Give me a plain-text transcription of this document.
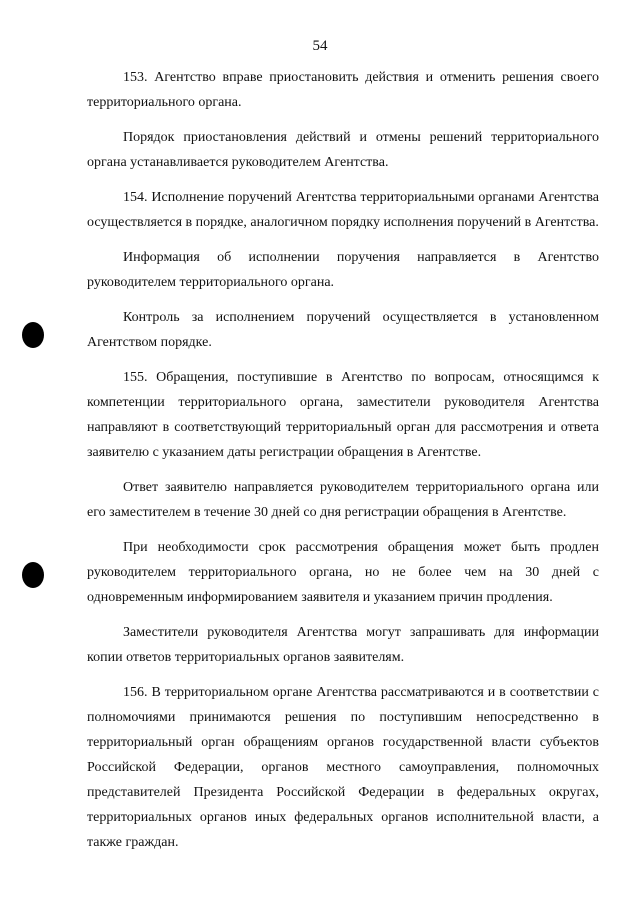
54

153. Агентство вправе приостановить действия и отменить решения своего территориального органа.

Порядок приостановления действий и отмены решений территориального органа устанавливается руководителем Агентства.

154. Исполнение поручений Агентства территориальными органами Агентства осуществляется в порядке, аналогичном порядку исполнения поручений в Агентства.

Информация об исполнении поручения направляется в Агентство руководителем территориального органа.

Контроль за исполнением поручений осуществляется в установленном Агентством порядке.

155. Обращения, поступившие в Агентство по вопросам, относящимся к компетенции территориального органа, заместители руководителя Агентства направляют в соответствующий территориальный орган для рассмотрения и ответа заявителю с указанием даты регистрации обращения в Агентстве.

Ответ заявителю направляется руководителем территориального органа или его заместителем в течение 30 дней со дня регистрации обращения в Агентстве.

При необходимости срок рассмотрения обращения может быть продлен руководителем территориального органа, но не более чем на 30 дней с одновременным информированием заявителя и указанием причин продления.

Заместители руководителя Агентства могут запрашивать для информации копии ответов территориальных органов заявителям.

156. В территориальном органе Агентства рассматриваются и в соответствии с полномочиями принимаются решения по поступившим непосредственно в территориальный орган обращениям органов государственной власти субъектов Российской Федерации, органов местного самоуправления, полномочных представителей Президента Российской Федерации в федеральных округах, территориальных органов иных федеральных органов исполнительной власти, а также граждан.
